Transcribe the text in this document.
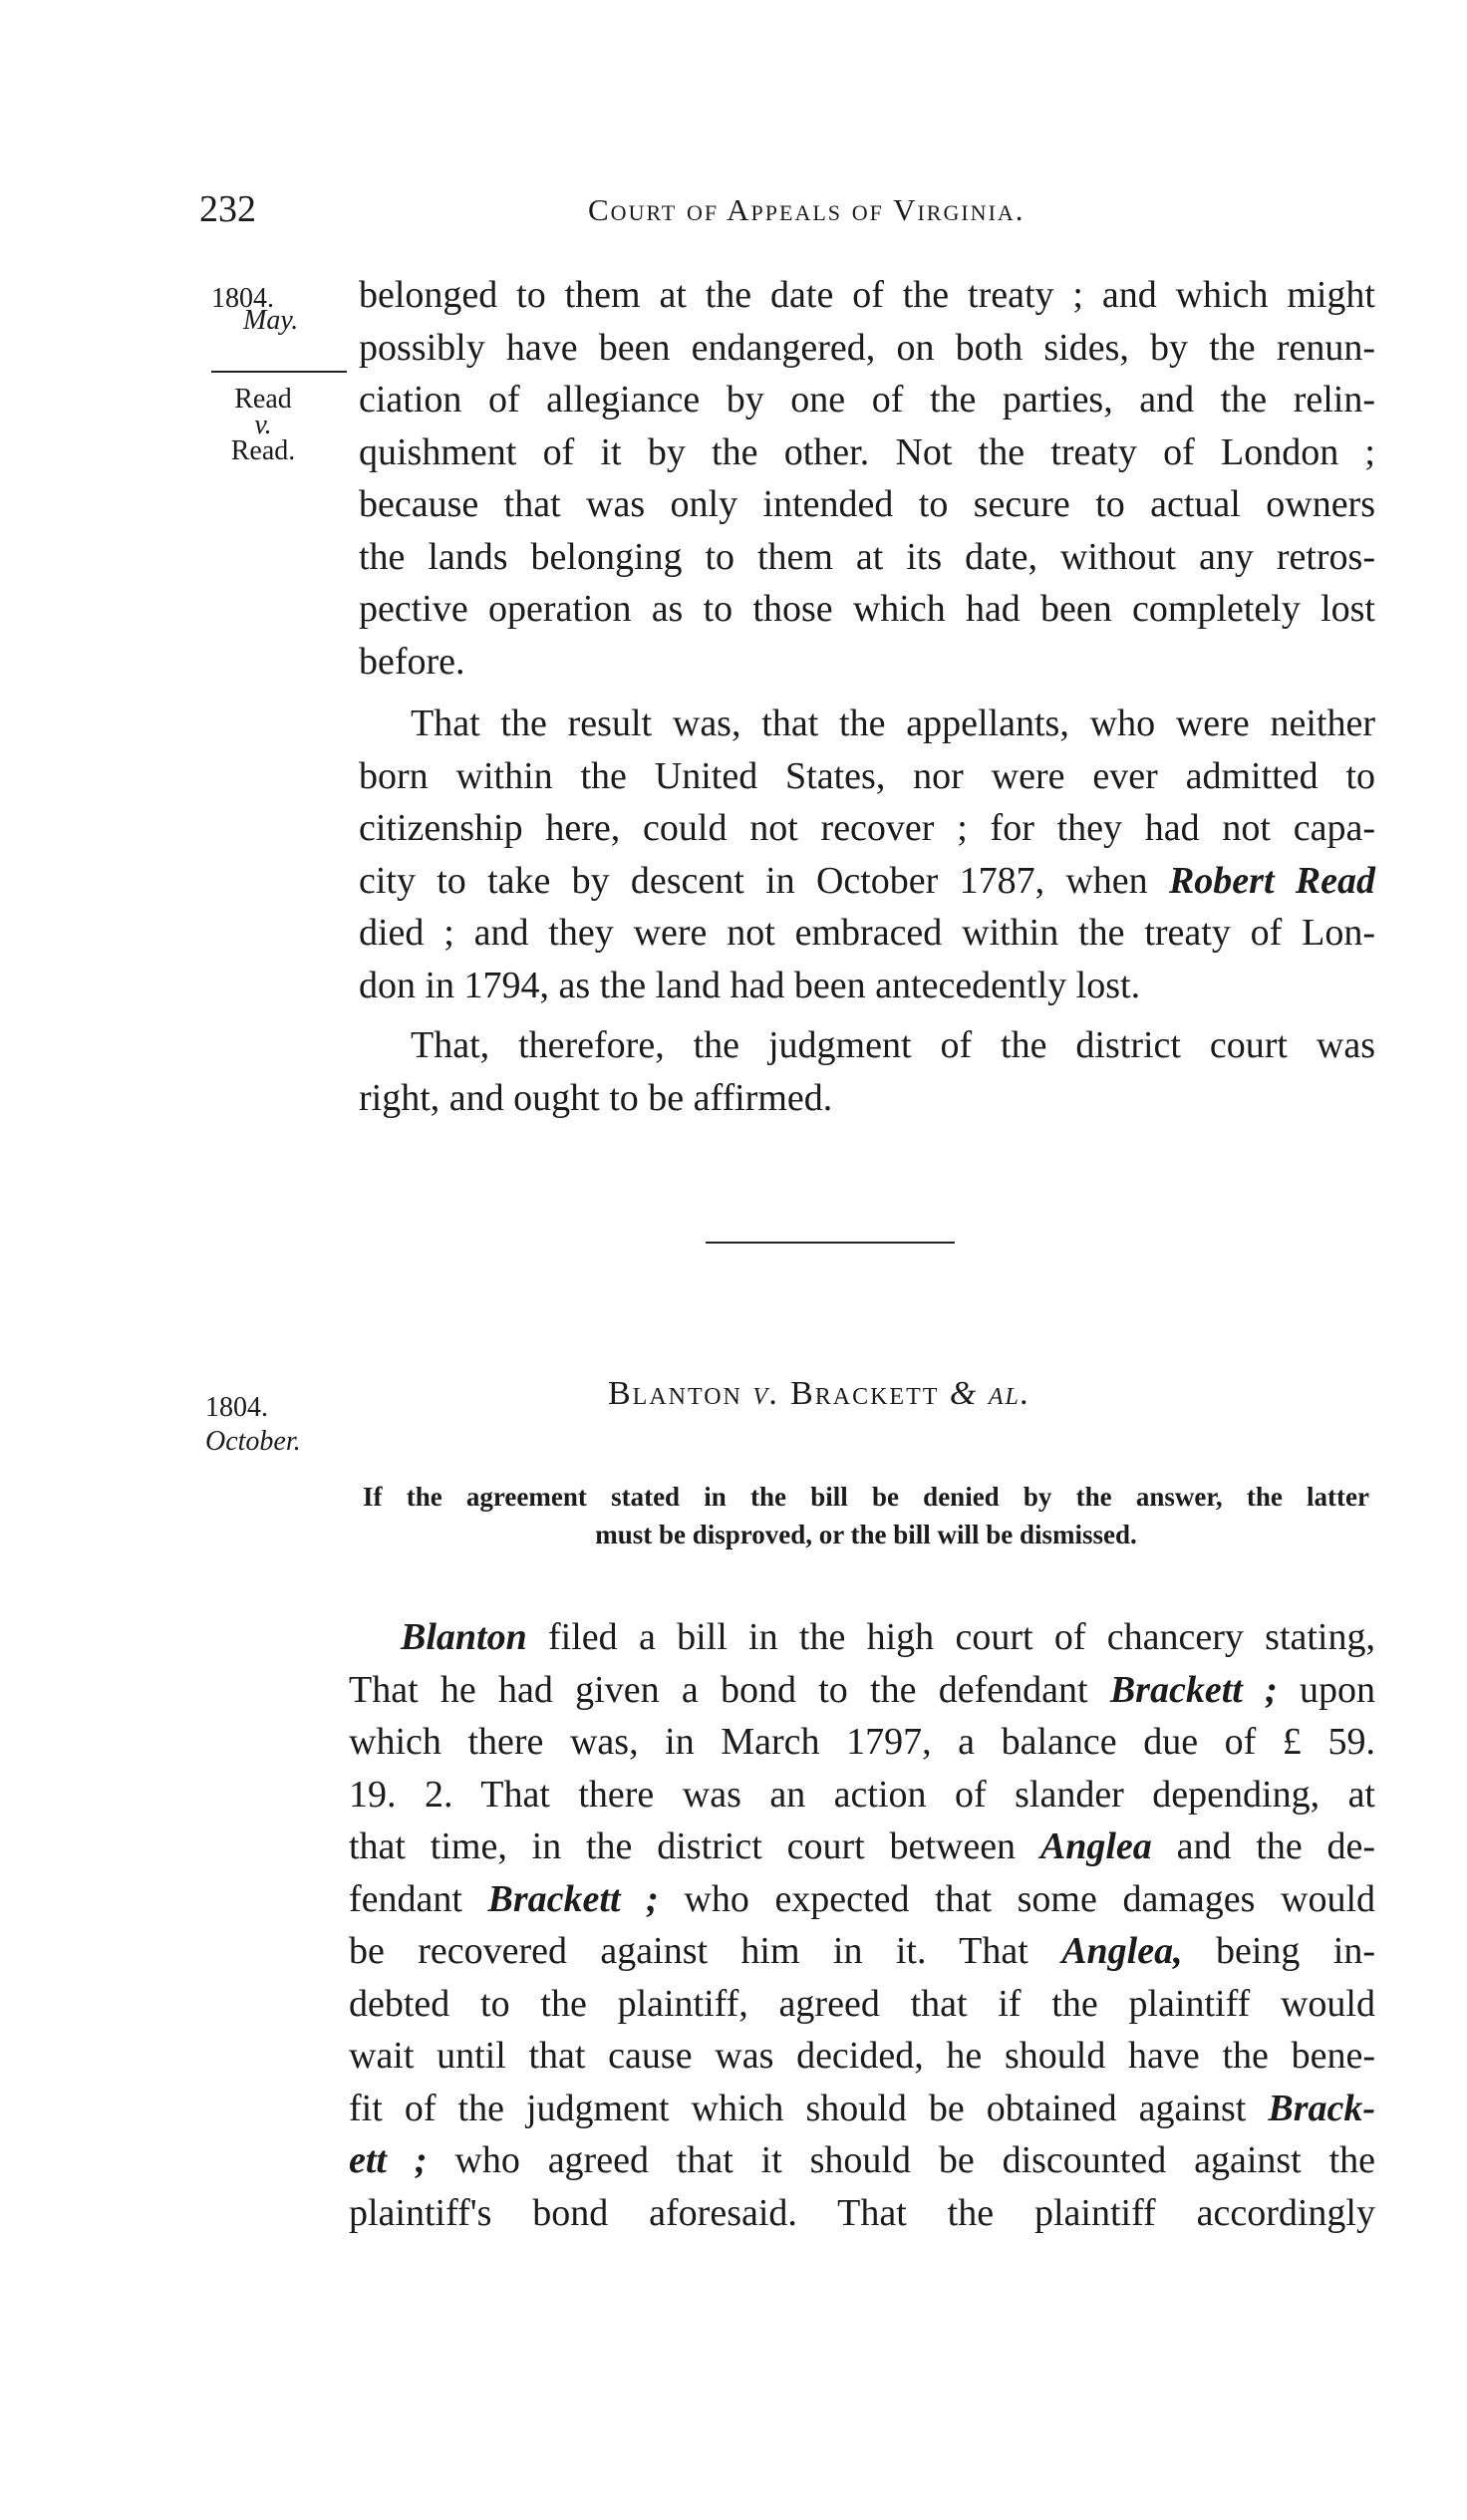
232	Court of Appeals of Virginia.
1804.
May.
Read
v.
Read.
belonged to them at the date of the treaty ; and which might
possibly have been endangered, on both sides, by the renun-
ciation of allegiance by one of the parties, and the relin-
quishment of it by the other. Not the treaty of London ;
because that was only intended to secure to actual owners
the lands belonging to them at its date, without any retros-
pective operation as to those which had been completely lost
before.
That the result was, that the appellants, who were neither
born within the United States, nor were ever admitted to
citizenship here, could not recover ; for they had not capa-
city to take by descent in October 1787, when Robert Read
died ; and they were not embraced within the treaty of Lon-
don in 1794, as the land had been antecedently lost.
That, therefore, the judgment of the district court was
right, and ought to be affirmed.
1804.
October.
Blanton v. Brackett & al.
If the agreement stated in the bill be denied by the answer, the latter
must be disproved, or the bill will be dismissed.
Blanton filed a bill in the high court of chancery stating,
That he had given a bond to the defendant Brackett ; upon
which there was, in March 1797, a balance due of £ 59.
19. 2. That there was an action of slander depending, at
that time, in the district court between Anglea and the de-
fendant Brackett ; who expected that some damages would
be recovered against him in it. That Anglea, being in-
debted to the plaintiff, agreed that if the plaintiff would
wait until that cause was decided, he should have the bene-
fit of the judgment which should be obtained against Brack-
ett ; who agreed that it should be discounted against the
plaintiff's bond aforesaid. That the plaintiff accordingly
